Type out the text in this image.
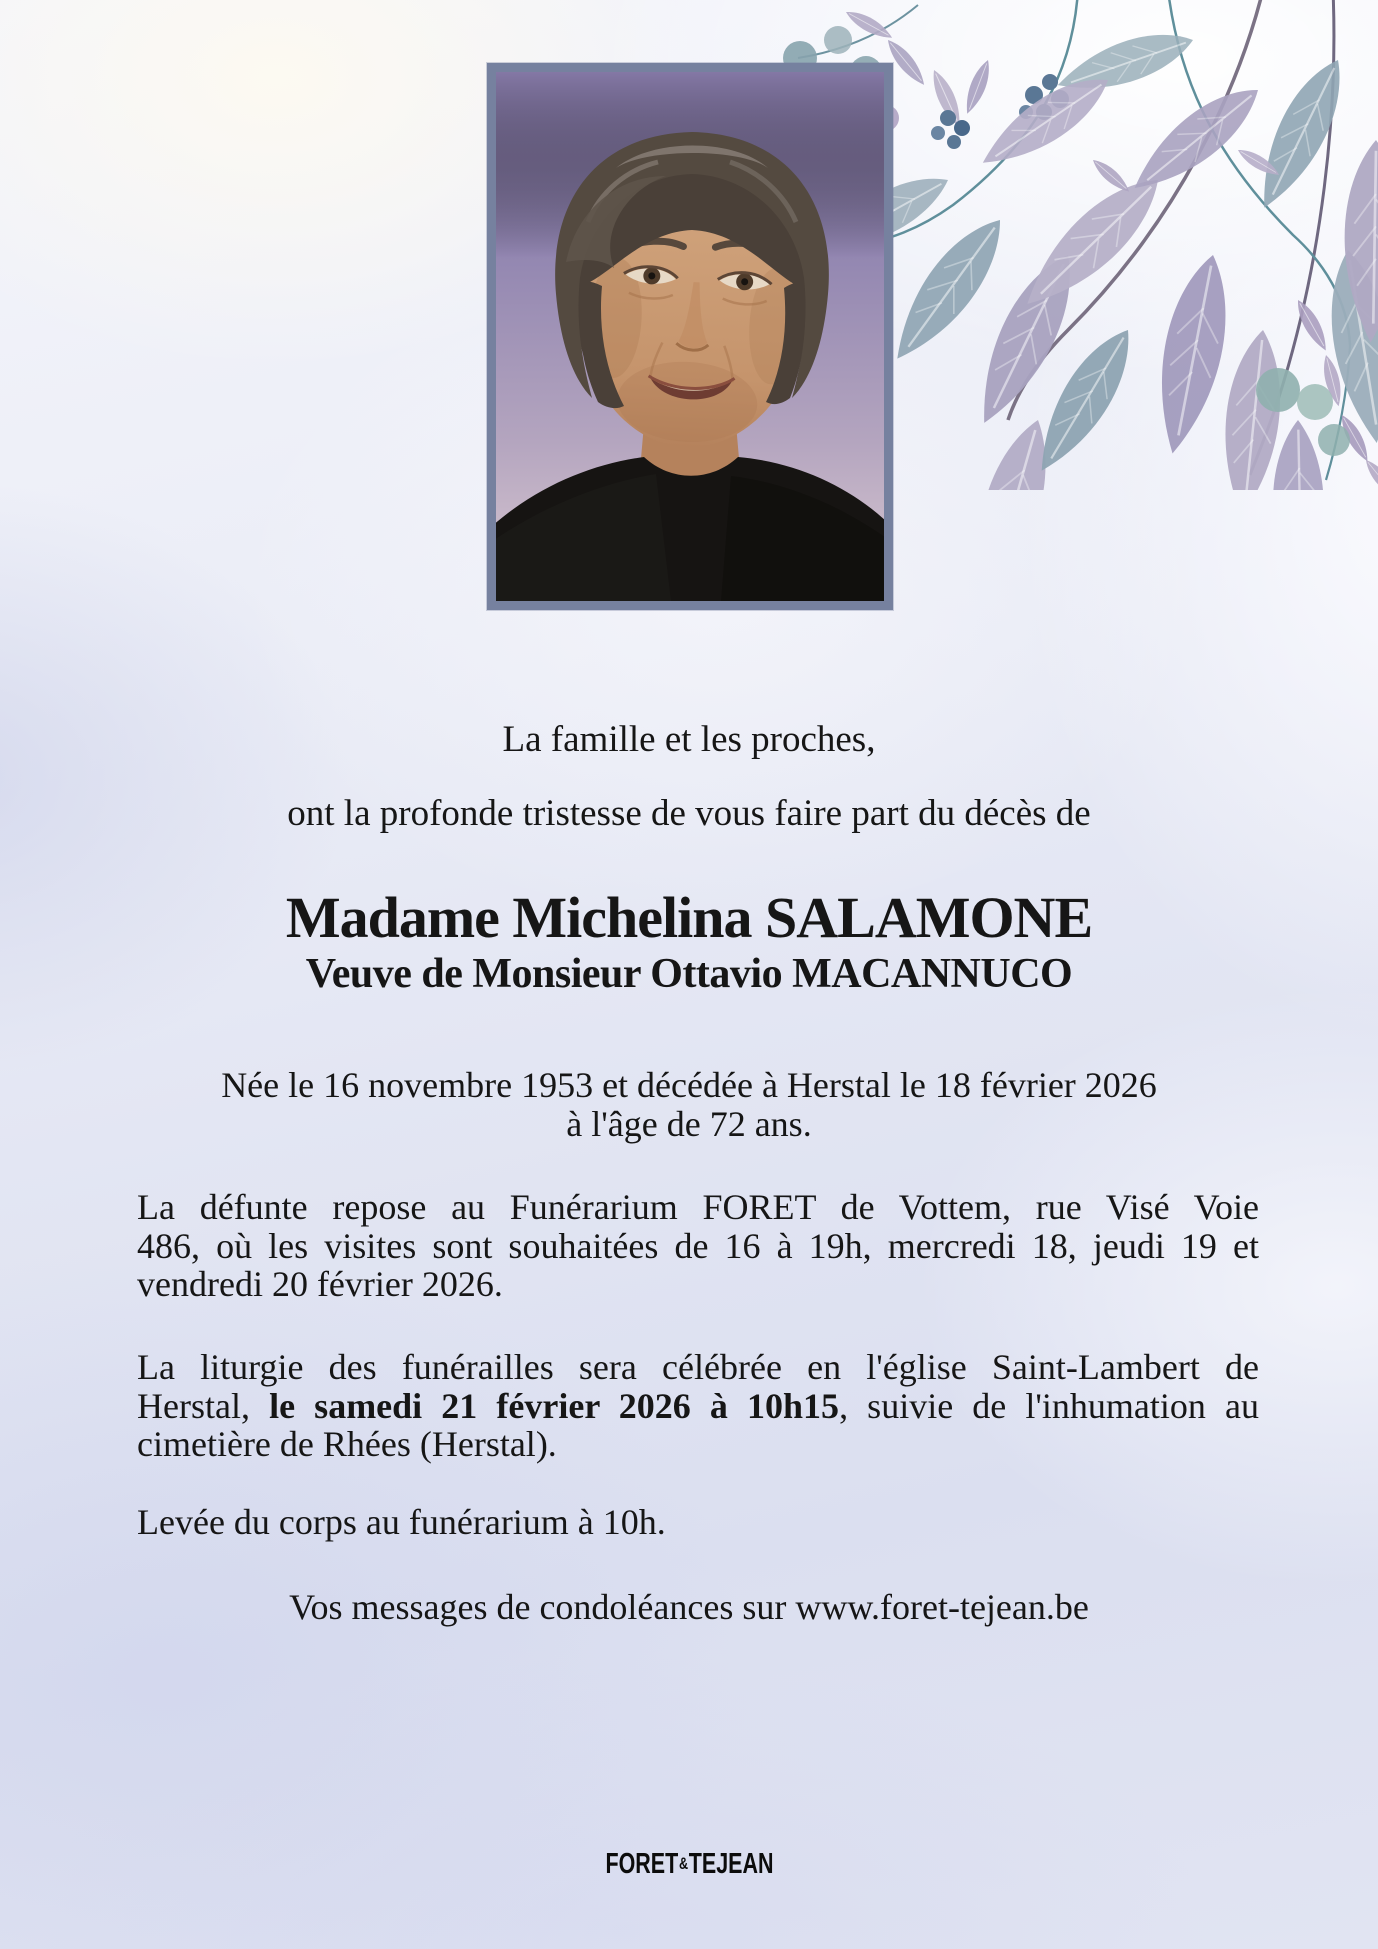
La famille et les proches,
ont la profonde tristesse de vous faire part du décès de
Madame Michelina SALAMONE
Veuve de Monsieur Ottavio MACANNUCO
Née le 16 novembre 1953 et décédée à Herstal le 18 février 2026
à l'âge de 72 ans.
La défunte repose au Funérarium FORET de Vottem, rue Visé Voie
486, où les visites sont souhaitées de 16 à 19h, mercredi 18, jeudi 19 et
vendredi 20 février 2026.
La liturgie des funérailles sera célébrée en l'église Saint-Lambert de
Herstal, le samedi 21 février 2026 à 10h15, suivie de l'inhumation au
cimetière de Rhées (Herstal).
Levée du corps au funérarium à 10h.
Vos messages de condoléances sur www.foret-tejean.be
FORET&TEJEAN
